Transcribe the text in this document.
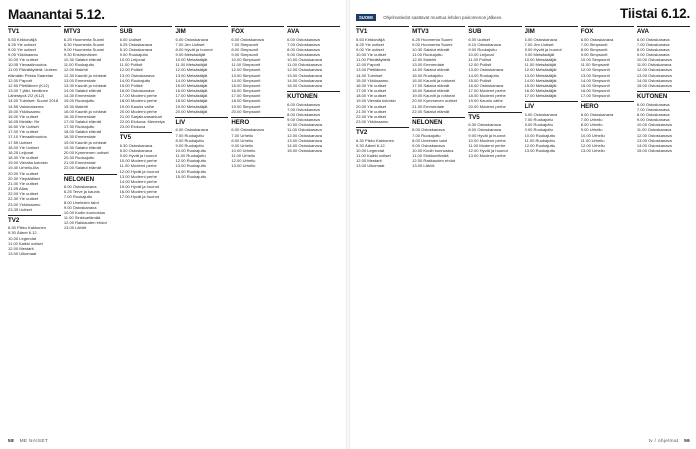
Maanantai 5.12.
TV1
5.53 Kirkkoväljä
6.25 Yle uutiset
9.00 Yle uutiset
9.05 Ykkösaamu
10.00 Yle uutiset
10.05 Ylevaalimuutos
11.00 Päivätäytteiä: Uuteen
elämään Pekka Saarelan
12.00 Paporit
12.50 Pietiläinen (K12)
13.00 7 jälki, keväinen
Lähestyvä 2/2 (K12)
14.00 Tuimiset: Suomi 2018
14.55 Valomaisema
15.00 Ykkösaamu
16.00 Yle uutiset
16.05 Meidän Yle
16.50 Yle Uutiset
17.00 Yle uutiset
17.10 Ylevaalimuutos
17.55 Uutiset
18.00 Yle Uutiset
18.25 Leijonat
18.30 Yle uutiset
19.00 Vieraita kotoisin
19.40 Urheilu-ilta
20.00 Yle uutiset
20.30 Ylepäälliset
21.00 Yle uutiset
21.05 Alias
22.00 Yle uutiset
22.30 Yle uutiset
23.00 Ykkösaamu
23.35 Uutiset
TV2
6.30 Pikku Kakkonen
9.30 Äänet 6.12.
10.00 Legendat
11.00 Kaikki uutiset
12.00 Mestarit
13.00 Ulkomaat
MTV3
6.25 Huomenta Suomi
6.30 Huomenta Suomi
9.00 Huomenta Suomi
9.30 Ensimmäinen
10.30 Salatut elämät
11.00 Ruokajuttu
12.00 Iltalehti
12.30 Kauniit ja rohkeat
13.00 Emmerdale
13.30 Kauniit ja rohkeat
14.00 Salatut elämät
14.30 Emmerdale
15.00 Ruokajuttu
15.30 Iltalehti
16.00 Kauniit ja rohkeat
16.30 Emmerdale
17.00 Salatut elämät
17.30 Ruokajuttu
18.00 Salatut elämät
18.30 Emmerdale
19.00 Kauniit ja rohkeat
19.30 Salatut elämät
20.00 Kymmenen uutiset
20.30 Ruokajuttu
21.00 Emmerdale
22.00 Salatut elämät
NELONEN
6.00 Ostoskanava
6.25 Terve ja kaunis
7.00 Ruokajuttu
8.00 Unelmien talot
9.00 Ostoskanava
10.00 Kodin kunnostus
11.00 Sinkkuelämää
12.00 Rakkauden ehdot
13.00 Lähiöt
SUB
6.00 Uutiset
6.25 Ostoskanava
8.10 Ostoskanava
9.00 Ruokajuttu
10.00 Leijonat
11.00 Poliisit
12.00 Poliisit
13.00 Ostoskanava
14.00 Ruokajuttu
15.00 Poliisit
16.00 Ostoskanava
17.00 Moderni perhe
18.00 Moderni perhe
19.00 Kaunis valhe
20.00 Moderni perhe
21.00 Sarjakuvasankari
22.00 Elokuva: Menestys
23.00 Elokuva
TV5
6.30 Ostoskanava
8.00 Ostoskanava
9.00 Hyvät ja huonot
10.00 Moderni perhe
11.00 Moderni perhe
12.00 Hyvät ja huonot
13.00 Moderni perhe
14.00 Moderni perhe
15.00 Hyvät ja huonot
16.00 Moderni perhe
17.00 Hyvät ja huonot
JIM
6.00 Ostoskanava
7.00 Jim Uutiset
8.00 Hyvät ja huonot
9.00 Metsästäjät
10.00 Metsästäjät
11.00 Metsästäjät
12.00 Metsästäjät
13.00 Metsästäjät
14.00 Metsästäjät
15.00 Metsästäjät
16.00 Metsästäjät
17.00 Metsästäjät
18.00 Metsästäjät
19.00 Metsästäjät
20.00 Metsästäjät
LIV
6.00 Ostoskanava
7.00 Ruokajuttu
8.00 Ruokajuttu
9.00 Ruokajuttu
10.00 Ruokajuttu
11.00 Ruokajuttu
12.00 Ruokajuttu
13.00 Ruokajuttu
14.00 Ruokajuttu
15.00 Ruokajuttu
FOX
6.00 Ostoskanava
7.00 Simpsonit
8.00 Simpsonit
9.00 Simpsonit
10.00 Simpsonit
11.00 Simpsonit
12.00 Simpsonit
13.00 Simpsonit
14.00 Simpsonit
15.00 Simpsonit
16.00 Simpsonit
17.00 Simpsonit
18.00 Simpsonit
19.00 Simpsonit
20.00 Simpsonit
HERO
6.00 Ostoskanava
7.00 Urheilu
8.00 Urheilu
9.00 Urheilu
10.00 Urheilu
11.00 Urheilu
12.00 Urheilu
13.00 Urheilu
AVA
6.00 Ostoskanava
7.00 Ostoskanava
8.00 Ostoskanava
9.00 Ostoskanava
10.00 Ostoskanava
11.00 Ostoskanava
12.00 Ostoskanava
13.00 Ostoskanava
14.00 Ostoskanava
15.00 Ostoskanava
KUTONEN
6.00 Ostoskanava
7.00 Ostoskanava
8.00 Ostoskanava
9.00 Ostoskanava
10.00 Ostoskanava
11.00 Ostoskanava
12.00 Ostoskanava
13.00 Ostoskanava
14.00 Ostoskanava
15.00 Ostoskanava
58 ME NAISET
SUOMI Ohjelmatiedot saattavat muuttua lehden painomenon jälkeen.	Tiistai 6.12.
TV1
5.53 Kirkkoväljä
6.25 Yle uutiset
9.00 Yle uutiset
10.00 Yle uutiset
11.00 Päivätäytteiä
12.00 Paporit
13.00 Pietiläinen
14.00 Tuimiset
15.00 Ykkösaamu
16.00 Yle uutiset
17.00 Yle uutiset
18.00 Yle uutiset
19.00 Vieraita kotoisin
20.00 Yle uutiset
21.00 Yle uutiset
22.00 Yle uutiset
23.00 Ykkösaamu
TV2
6.30 Pikku Kakkonen
9.30 Äänet 6.12.
10.00 Legendat
11.00 Kaikki uutiset
12.00 Mestarit
13.00 Ulkomaat
MTV3
6.25 Huomenta Suomi
9.00 Huomenta Suomi
10.30 Salatut elämät
11.00 Ruokajuttu
12.00 Iltalehti
13.00 Emmerdale
14.00 Salatut elämät
15.00 Ruokajuttu
16.00 Kauniit ja rohkeat
17.00 Salatut elämät
18.00 Salatut elämät
19.00 Kauniit ja rohkeat
20.00 Kymmenen uutiset
21.00 Emmerdale
22.00 Salatut elämät
NELONEN
6.00 Ostoskanava
7.00 Ruokajuttu
8.00 Unelmien talot
9.00 Ostoskanava
10.00 Kodin kunnostus
11.00 Sinkkuelämää
12.00 Rakkauden ehdot
13.00 Lähiöt
SUB
6.00 Uutiset
8.10 Ostoskanava
9.00 Ruokajuttu
10.00 Leijonat
11.00 Poliisit
12.00 Poliisit
13.00 Ostoskanava
14.00 Ruokajuttu
15.00 Poliisit
16.00 Ostoskanava
17.00 Moderni perhe
18.00 Moderni perhe
19.00 Kaunis valhe
20.00 Moderni perhe
TV5
6.30 Ostoskanava
8.00 Ostoskanava
9.00 Hyvät ja huonot
10.00 Moderni perhe
11.00 Moderni perhe
12.00 Hyvät ja huonot
13.00 Moderni perhe
JIM
6.00 Ostoskanava
7.00 Jim Uutiset
8.00 Hyvät ja huonot
9.00 Metsästäjät
10.00 Metsästäjät
11.00 Metsästäjät
12.00 Metsästäjät
13.00 Metsästäjät
14.00 Metsästäjät
15.00 Metsästäjät
16.00 Metsästäjät
17.00 Metsästäjät
LIV
6.00 Ostoskanava
7.00 Ruokajuttu
8.00 Ruokajuttu
9.00 Ruokajuttu
10.00 Ruokajuttu
11.00 Ruokajuttu
12.00 Ruokajuttu
13.00 Ruokajuttu
FOX
6.00 Ostoskanava
7.00 Simpsonit
8.00 Simpsonit
9.00 Simpsonit
10.00 Simpsonit
11.00 Simpsonit
12.00 Simpsonit
13.00 Simpsonit
14.00 Simpsonit
15.00 Simpsonit
16.00 Simpsonit
17.00 Simpsonit
HERO
6.00 Ostoskanava
7.00 Urheilu
8.00 Urheilu
9.00 Urheilu
10.00 Urheilu
11.00 Urheilu
12.00 Urheilu
13.00 Urheilu
AVA
6.00 Ostoskanava
7.00 Ostoskanava
8.00 Ostoskanava
9.00 Ostoskanava
10.00 Ostoskanava
11.00 Ostoskanava
12.00 Ostoskanava
13.00 Ostoskanava
14.00 Ostoskanava
15.00 Ostoskanava
KUTONEN
6.00 Ostoskanava
7.00 Ostoskanava
8.00 Ostoskanava
9.00 Ostoskanava
10.00 Ostoskanava
11.00 Ostoskanava
12.00 Ostoskanava
13.00 Ostoskanava
14.00 Ostoskanava
15.00 Ostoskanava
tv / ohjelmat 59
